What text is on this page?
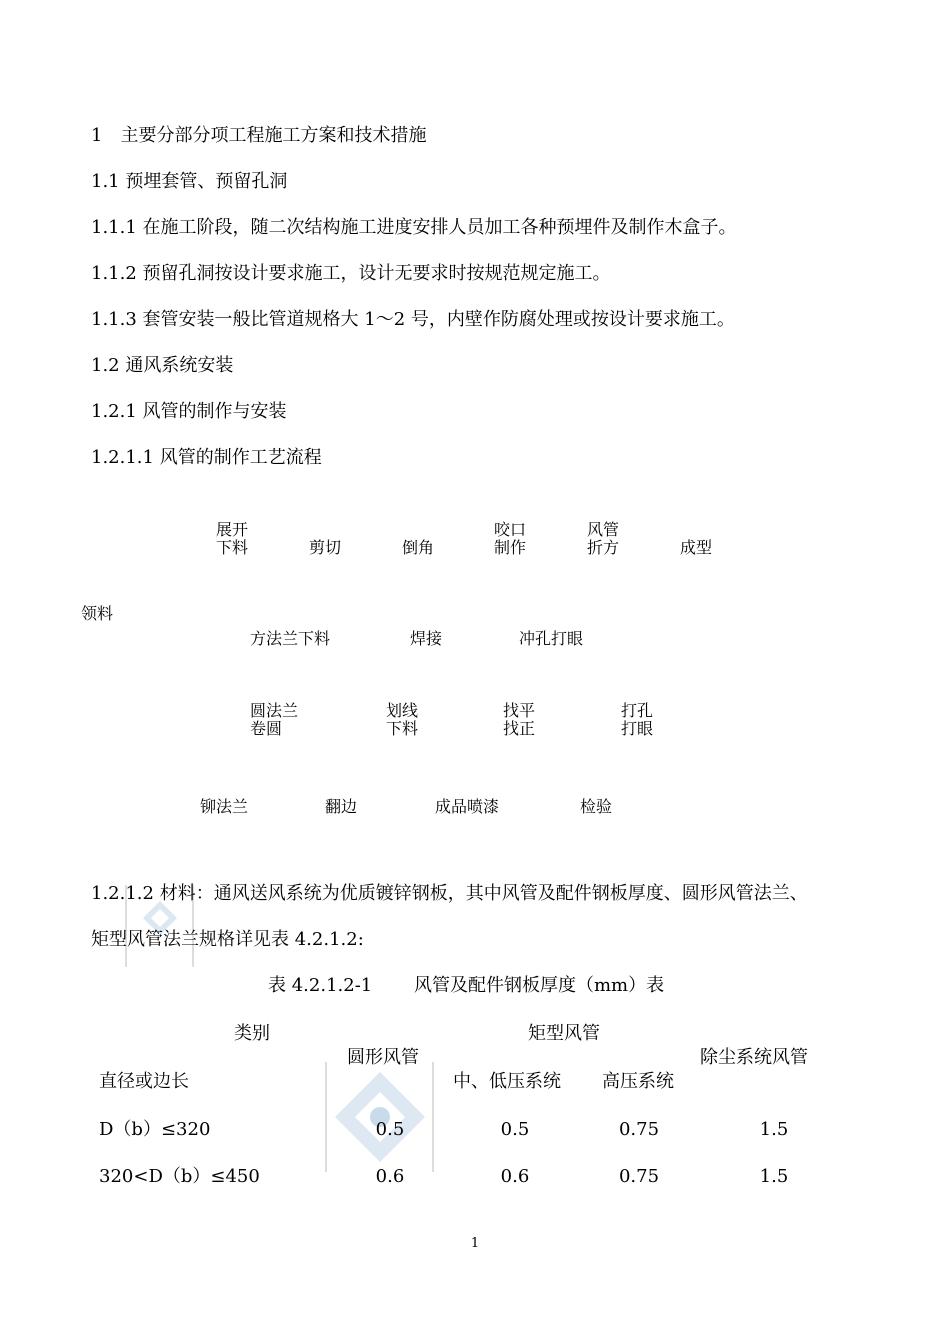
1　主要分部分项工程施工方案和技术措施
1.1 预埋套管、预留孔洞
1.1.1 在施工阶段，随二次结构施工进度安排人员加工各种预埋件及制作木盒子。
1.1.2 预留孔洞按设计要求施工，设计无要求时按规范规定施工。
1.1.3 套管安装一般比管道规格大 1～2 号，内壁作防腐处理或按设计要求施工。
1.2 通风系统安装
1.2.1 风管的制作与安装
1.2.1.1 风管的制作工艺流程
展开
下料	剪切	倒角
咬口
制作
风管
折方	成型
领料
方法兰下料	焊接	冲孔打眼
圆法兰
卷圆
划线
下料
找平
找正
打孔
打眼
铆法兰	翻边	成品喷漆	检验
1.2.1.2 材料：通风送风系统为优质镀锌钢板，其中风管及配件钢板厚度、圆形风管法兰、
矩型风管法兰规格详见表 4.2.1.2:
表 4.2.1.2-1　　 风管及配件钢板厚度（mm）表
类别	矩型风管
圆形风管	除尘系统风管
直径或边长	中、低压系统 高压系统
D（b）≤320	0.5	0.5	0.75	1.5
320<D（b）≤450	0.6	0.6	0.75	1.5
1
